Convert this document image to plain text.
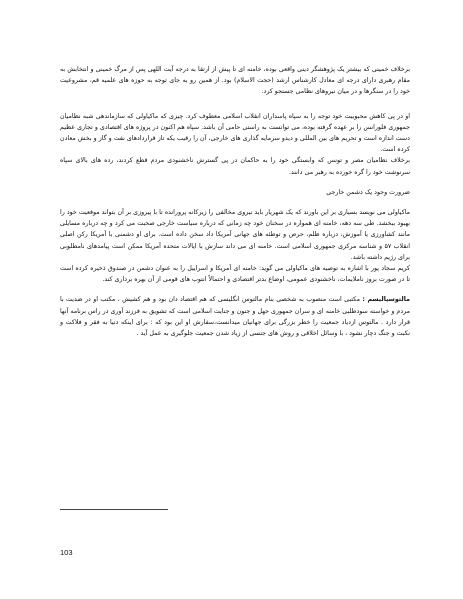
برخلاف خمینی که بیشتر یک پژوهشگر دینی واقعی بوده، خامنه ای تا پیش از ارتقا به درجه آیت اللهی پس از مرگ خمینی و انتخابش به مقام رهبری دارای درجه ای معادل کارشناس ارشد (حجت الاسلام) بود. از همین رو به جای توجه به حوزه های علمیه قم، مشروعیت خود را در سنگرها و در میان نیروهای نظامی جستجو کرد.

او در پی کاهش محبوبیت خود توجه را به سپاه پاسداران انقلاب اسلامی معطوف کرد. چیزی که ماکیاولی که سازماندهی شبه نظامیان جمهوری فلورانس را بر عهده گرفته بوده، می توانست به راستی حامی آن باشد. سپاه هم اکنون در پروژه های اقتصادی و تجاری عظیم دست اندازه است و تحریم های بین المللی و دیدو سرمایه گذاری های خارجی، آن را رقیب یکه تاز قراردادهای نفت و گاز و بخش معادن کرده است.

برخلاف نظامیان مصر و تونس که وابستگی خود را به حاکمان در پی گسترش ناخشنودی مردم قطع کردند، رده های بالای سپاه سرنوشت خود را گره خورده به رهبر می دانند.

ضرورت وجود یک دشمن خارجی

ماکیاولی می نویسد بسیاری بر این باورند که یک شهریار باید نیروی مخالفی را زیرکانه پرورانده تا با پیروزی بر آن بتواند موقعیت خود را بهبود ببخشد. طی سه دهه، خامنه ای همواره در سخنان خود چه زمانی که درباره سیاست خارجی صحبت می کرد و چه درباره مسایلی مانند کشاورزی یا آموزش، درباره ظلم، حرص و توطئه های جهانی آمریکا داد سخن داده است. برای او دشمنی با آمریکا رکن اصلی انقلاب ۵۷ و شناسه مرکزی جمهوری اسلامی است. خامنه ای می داند سازش با ایالات متحده آمریکا ممکن است پیامدهای نامطلوبی برای رژیم داشته باشد.

کریم سجاد پور با اشاره به توصیه های ماکیاولی می گوید: خامنه ای آمریکا و اسراییل را به عنوان دشمن در صندوق ذخیره کرده است تا در صورت بروز ناملایمات، ناخشنودی عمومی، اوضاع بدتر اقتصادی و احتمالاً انتوب های قومی از آن بهره برداری کند.

مالتوسیالیسم : مکتبی است منصوب به شخصی بنام مالتوس انگلیسی که هم اقتصاد دان بود و هم کشیش ، مکتب او در ضدیت با مردم و خواسته سودطلبی خامنه ای و سران جمهوری جهل و جنون و جنایت اسلامی است که تشویق به فرزند آوری در راس برنامه آنها قرار دارد . مالتوس ازدیاد جمعیت را خطر بزرگی برای جهانیان میدانست،سفارش او این بود که : برای اینکه دنیا به فقر و فلاکت و نکبت و جنگ دچار نشود ، با وسائل اخلاقی و روش های جنسی از زیاد شدن جمعیت جلوگیری به عمل آید .

103
